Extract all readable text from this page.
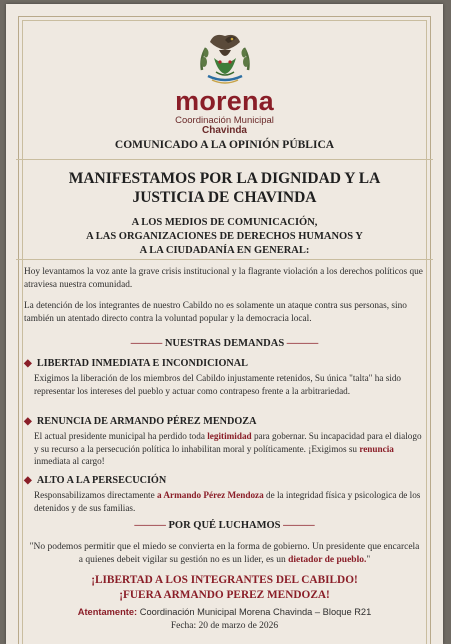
morena
Coordinación Municipal
Chavinda
COMUNICADO A LA OPINIÓN PÚBLICA
MANIFESTAMOS POR LA DIGNIDAD Y LA
JUSTICIA DE CHAVINDA
A LOS MEDIOS DE COMUNICACIÓN,
A LAS ORGANIZACIONES DE DERECHOS HUMANOS Y
A LA CIUDADANÍA EN GENERAL:
Hoy levantamos la voz ante la grave crisis institucional y la flagrante violación a los derechos políticos que atraviesa nuestra comunidad.
La detención de los integrantes de nuestro Cabildo no es solamente un ataque contra sus personas, sino también un atentado directo contra la voluntad popular y la democracia local.
——— NUESTRAS DEMANDAS ———
◆ LIBERTAD INMEDIATA E INCONDICIONAL
Exigimos la liberación de los miembros del Cabildo injustamente retenidos, Su única "talta" ha sido representar los intereses del pueblo y actuar como contrapeso frente a la arbitrariedad.
◆ RENUNCIA DE ARMANDO PÉREZ MENDOZA
El actual presidente municipal ha perdido toda legitimidad para gobernar. Su incapacidad para el dialogo y su recurso a la persecución política lo inhabilitan moral y políticamente. ¡Exigimos su renuncia inmediata al cargo!
◆ ALTO A LA PERSECUCIÓN
Responsabilizamos directamente a Armando Pérez Mendoza de la integridad física y psicologica de los detenidos y de sus familias.
——— POR QUÉ LUCHAMOS ———
"No podemos permitir que el miedo se convierta en la forma de gobierno. Un presidente que encarcela a quienes debeit vigilar su gestión no es un lider, es un dietador de pueblo."
¡LIBERTAD A LOS INTEGRANTES DEL CABILDO!
¡FUERA ARMANDO PEREZ MENDOZA!
Atentamente: Coordinación Municipal Morena Chavinda – Bloque R21
Fecha: 20 de marzo de 2026
